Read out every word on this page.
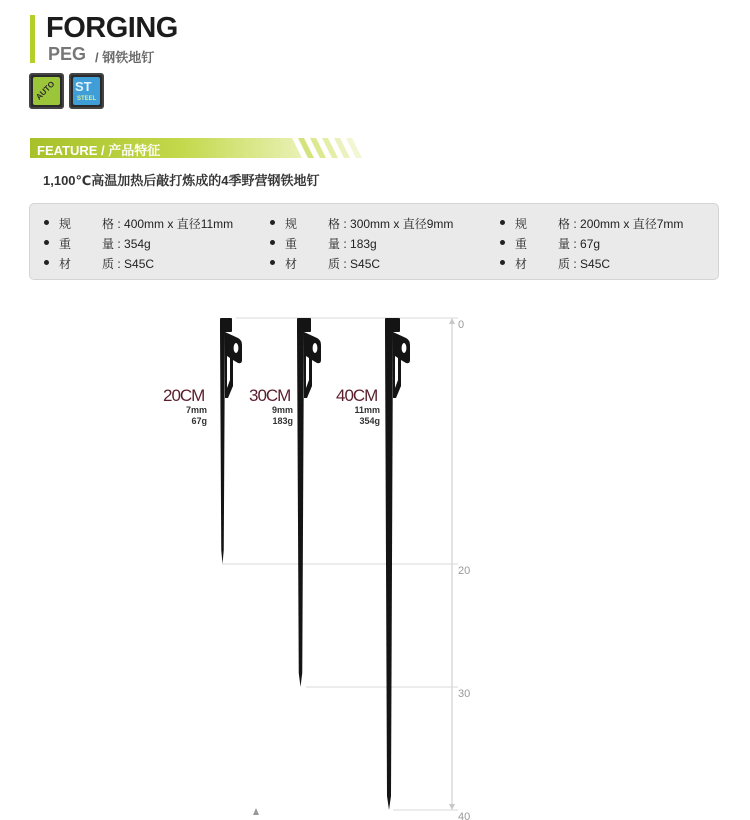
FORGING
PEG / 钢铁地钉
AUTO ST
STEEL
FEATURE / 产品特征
1,100℃高温加热后敲打炼成的4季野营钢铁地钉
规	格 : 400mm x 直径11mm
重	量 : 354g
材	质 : S45C
规	格 : 300mm x 直径9mm
重	量 : 183g
材	质 : S45C
规	格 : 200mm x 直径7mm
重	量 : 67g
材	质 : S45C
0
20
30
40
20CM
7mm
67g
30CM
9mm
183g
40CM
11mm
354g
